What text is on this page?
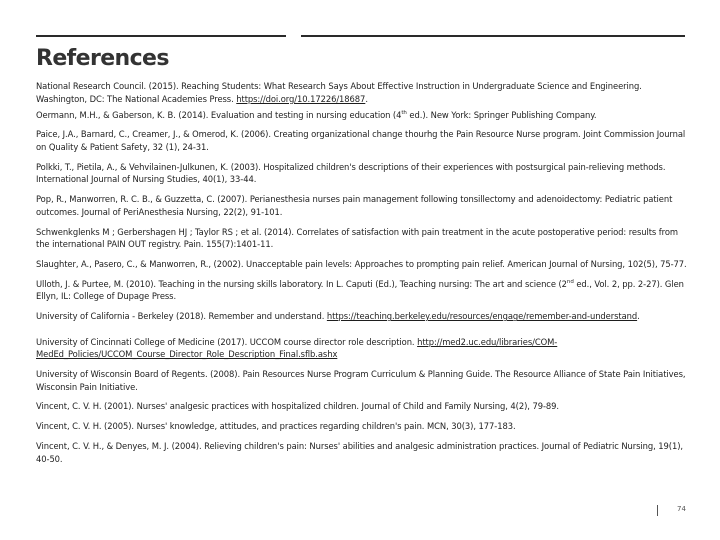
References

National Research Council. (2015). Reaching Students: What Research Says About Effective Instruction in Undergraduate Science and Engineering. Washington, DC: The National Academies Press. https://doi.org/10.17226/18687.

Oermann, M.H., & Gaberson, K. B. (2014). Evaluation and testing in nursing education (4th ed.). New York: Springer Publishing Company.

Paice, J.A., Barnard, C., Creamer, J., & Omerod, K. (2006). Creating organizational change thourhg the Pain Resource Nurse program. Joint Commission Journal on Quality & Patient Safety, 32 (1), 24-31.

Polkki, T., Pietila, A., & Vehvilainen-Julkunen, K. (2003). Hospitalized children's descriptions of their experiences with postsurgical pain-relieving methods. International Journal of Nursing Studies, 40(1), 33-44.

Pop, R., Manworren, R. C. B., & Guzzetta, C. (2007). Perianesthesia nurses pain management following tonsillectomy and adenoidectomy: Pediatric patient outcomes. Journal of PeriAnesthesia Nursing, 22(2), 91-101.

Schwenkglenks M ; Gerbershagen HJ ; Taylor RS ; et al. (2014). Correlates of satisfaction with pain treatment in the acute postoperative period: results from the international PAIN OUT registry. Pain. 155(7):1401-11.

Slaughter, A., Pasero, C., & Manworren, R., (2002). Unacceptable pain levels: Approaches to prompting pain relief. American Journal of Nursing, 102(5), 75-77.

Ulloth, J. & Purtee, M. (2010). Teaching in the nursing skills laboratory. In L. Caputi (Ed.), Teaching nursing: The art and science (2nd ed., Vol. 2, pp. 2-27). Glen Ellyn, IL: College of Dupage Press.

University of California - Berkeley (2018). Remember and understand. https://teaching.berkeley.edu/resources/engage/remember-and-understand.

University of Cincinnati College of Medicine (2017). UCCOM course director role description. http://med2.uc.edu/libraries/COM-MedEd_Policies/UCCOM_Course_Director_Role_Description_Final.sflb.ashx

University of Wisconsin Board of Regents. (2008). Pain Resources Nurse Program Curriculum & Planning Guide. The Resource Alliance of State Pain Initiatives, Wisconsin Pain Initiative.

Vincent, C. V. H. (2001). Nurses' analgesic practices with hospitalized children. Journal of Child and Family Nursing, 4(2), 79-89.

Vincent, C. V. H. (2005). Nurses' knowledge, attitudes, and practices regarding children's pain. MCN, 30(3), 177-183.

Vincent, C. V. H., & Denyes, M. J. (2004). Relieving children's pain: Nurses' abilities and analgesic administration practices. Journal of Pediatric Nursing, 19(1), 40-50.

74
